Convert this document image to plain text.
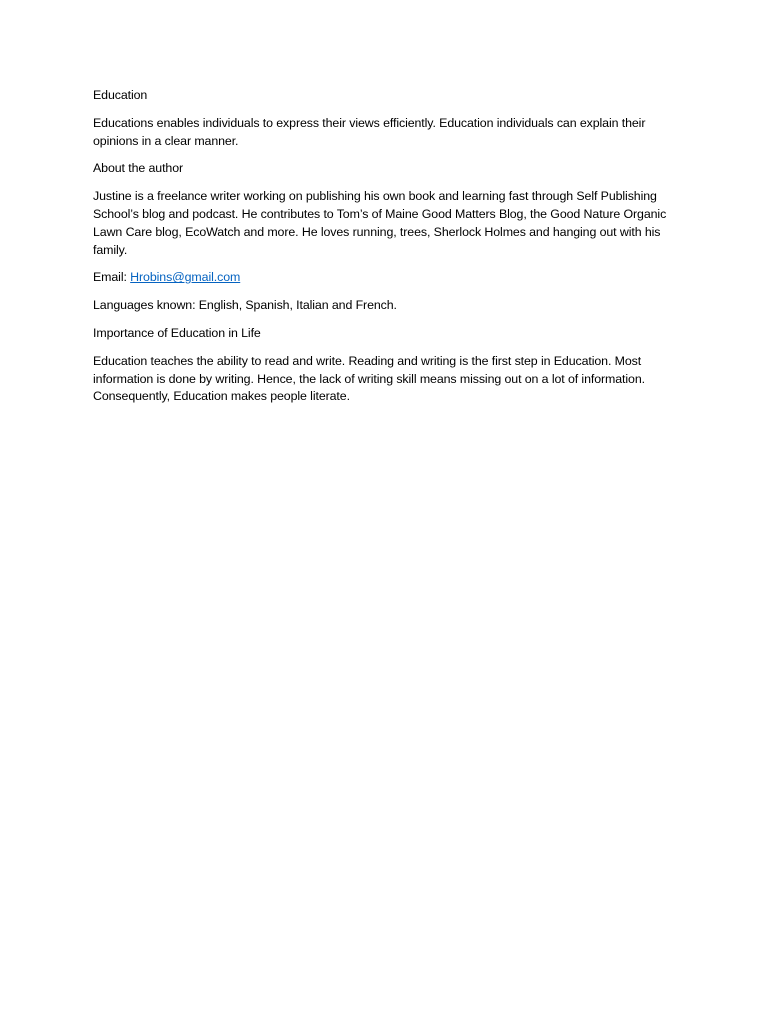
Education

Educations enables individuals to express their views efficiently. Education individuals can explain their opinions in a clear manner.

About the author

Justine is a freelance writer working on publishing his own book and learning fast through Self Publishing School’s blog and podcast. He contributes to Tom’s of Maine Good Matters Blog, the Good Nature Organic Lawn Care blog, EcoWatch and more. He loves running, trees, Sherlock Holmes and hanging out with his family.

Email: Hrobins@gmail.com

Languages known: English, Spanish, Italian and French.

Importance of Education in Life

Education teaches the ability to read and write. Reading and writing is the first step in Education. Most information is done by writing. Hence, the lack of writing skill means missing out on a lot of information. Consequently, Education makes people literate.
